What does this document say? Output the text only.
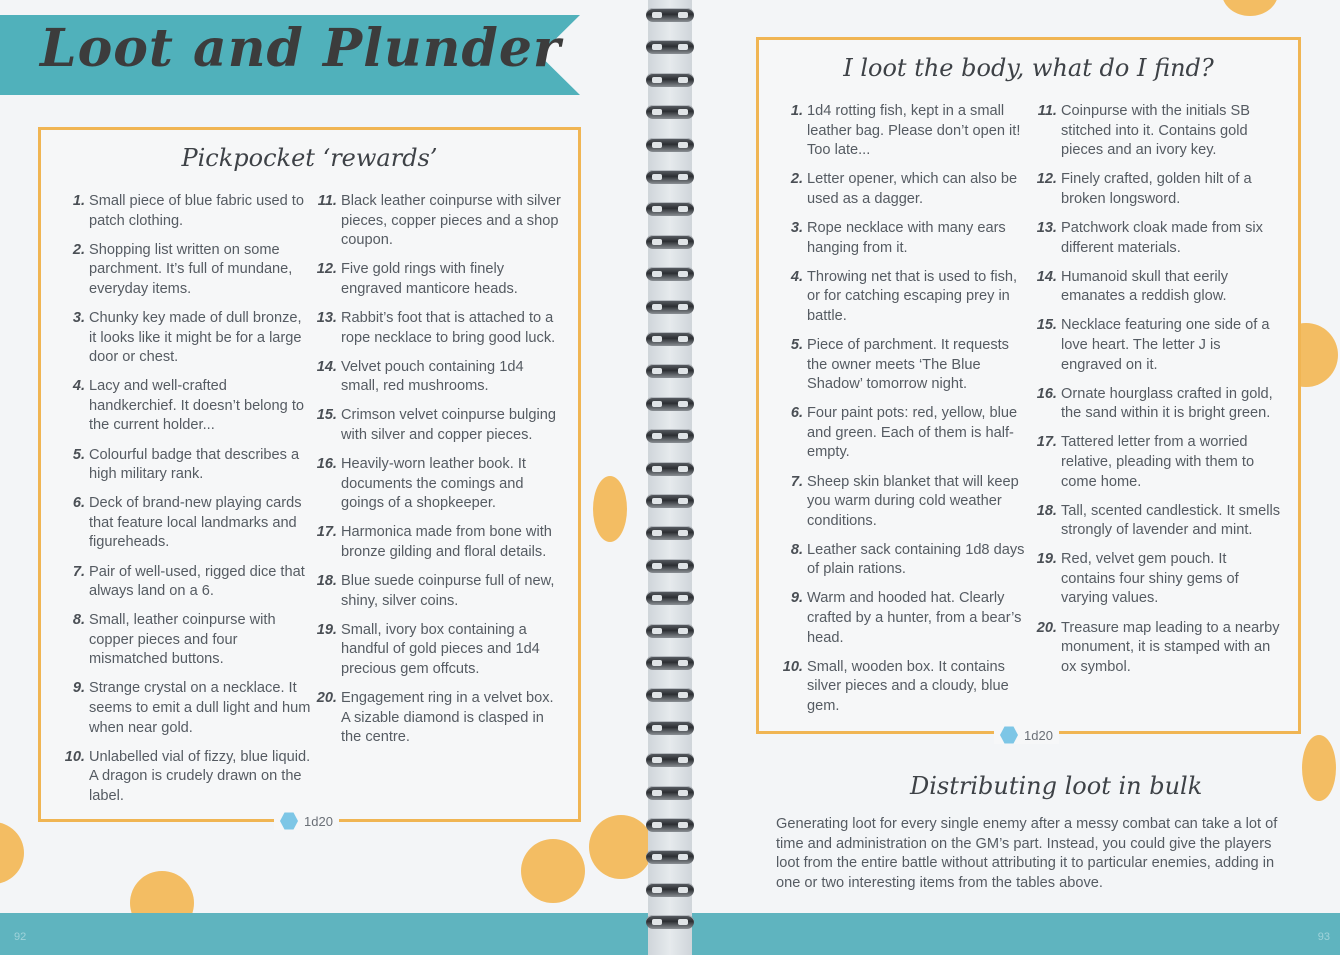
Loot and Plunder
Pickpocket ‘rewards’
1. Small piece of blue fabric used to patch clothing.
2. Shopping list written on some parchment. It’s full of mundane, everyday items.
3. Chunky key made of dull bronze, it looks like it might be for a large door or chest.
4. Lacy and well-crafted handkerchief. It doesn’t belong to the current holder...
5. Colourful badge that describes a high military rank.
6. Deck of brand-new playing cards that feature local landmarks and figureheads.
7. Pair of well-used, rigged dice that always land on a 6.
8. Small, leather coinpurse with copper pieces and four mismatched buttons.
9. Strange crystal on a necklace. It seems to emit a dull light and hum when near gold.
10. Unlabelled vial of fizzy, blue liquid. A dragon is crudely drawn on the label.
11. Black leather coinpurse with silver pieces, copper pieces and a shop coupon.
12. Five gold rings with finely engraved manticore heads.
13. Rabbit’s foot that is attached to a rope necklace to bring good luck.
14. Velvet pouch containing 1d4 small, red mushrooms.
15. Crimson velvet coinpurse bulging with silver and copper pieces.
16. Heavily-worn leather book. It documents the comings and goings of a shopkeeper.
17. Harmonica made from bone with bronze gilding and floral details.
18. Blue suede coinpurse full of new, shiny, silver coins.
19. Small, ivory box containing a handful of gold pieces and 1d4 precious gem offcuts.
20. Engagement ring in a velvet box. A sizable diamond is clasped in the centre.
1d20
92	93
I loot the body, what do I find?
1. 1d4 rotting fish, kept in a small leather bag. Please don’t open it! Too late...
2. Letter opener, which can also be used as a dagger.
3. Rope necklace with many ears hanging from it.
4. Throwing net that is used to fish, or for catching escaping prey in battle.
5. Piece of parchment. It requests the owner meets ‘The Blue Shadow’ tomorrow night.
6. Four paint pots: red, yellow, blue and green. Each of them is half-empty.
7. Sheep skin blanket that will keep you warm during cold weather conditions.
8. Leather sack containing 1d8 days of plain rations.
9. Warm and hooded hat. Clearly crafted by a hunter, from a bear’s head.
10. Small, wooden box. It contains silver pieces and a cloudy, blue gem.
11. Coinpurse with the initials SB stitched into it. Contains gold pieces and an ivory key.
12. Finely crafted, golden hilt of a broken longsword.
13. Patchwork cloak made from six different materials.
14. Humanoid skull that eerily emanates a reddish glow.
15. Necklace featuring one side of a love heart. The letter J is engraved on it.
16. Ornate hourglass crafted in gold, the sand within it is bright green.
17. Tattered letter from a worried relative, pleading with them to come home.
18. Tall, scented candlestick. It smells strongly of lavender and mint.
19. Red, velvet gem pouch. It contains four shiny gems of varying values.
20. Treasure map leading to a nearby monument, it is stamped with an ox symbol.
1d20
Distributing loot in bulk
Generating loot for every single enemy after a messy combat can take a lot of time and administration on the GM’s part. Instead, you could give the players loot from the entire battle without attributing it to particular enemies, adding in one or two interesting items from the tables above.
